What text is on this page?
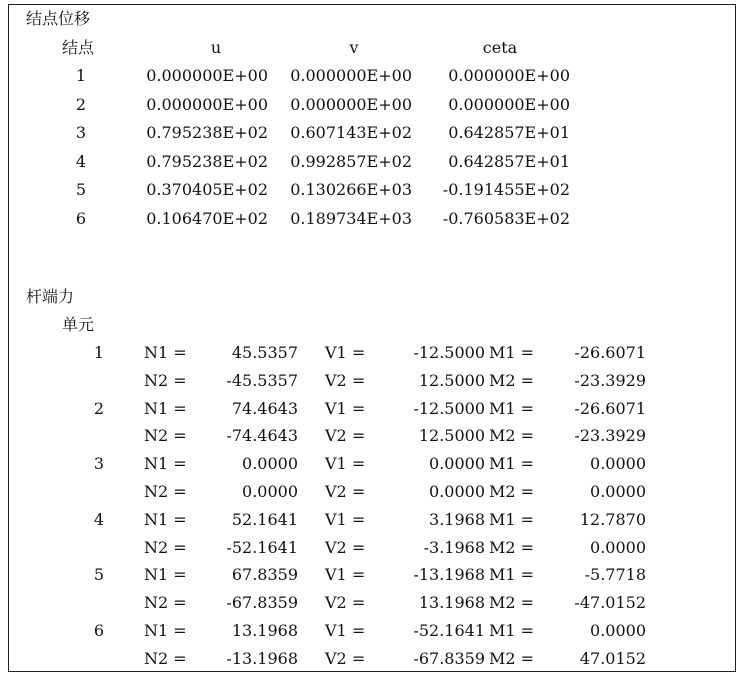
结点位移
结点	u	v	ceta
1	0.000000E+00 0.000000E+00 0.000000E+00
2	0.000000E+00 0.000000E+00 0.000000E+00
3	0.795238E+02 0.607143E+02 0.642857E+01
4	0.795238E+02 0.992857E+02 0.642857E+01
5	0.370405E+02 0.130266E+03 -0.191455E+02
6	0.106470E+02 0.189734E+03 -0.760583E+02
杆端力
单元
1	N1 =	45.5357 V1 =	-12.5000 M1 =	-26.6071
N2 = -45.5357 V2 =	12.5000 M2 =	-23.3929
2	N1 =	74.4643 V1 =	-12.5000 M1 =	-26.6071
N2 = -74.4643 V2 =	12.5000 M2 =	-23.3929
3	N1 =	0.0000 V1 =	0.0000 M1 =	0.0000
N2 =	0.0000 V2 =	0.0000 M2 =	0.0000
4	N1 =	52.1641 V1 =	3.1968 M1 =	12.7870
N2 = -52.1641 V2 =	-3.1968 M2 =	0.0000
5	N1 =	67.8359 V1 =	-13.1968 M1 =	-5.7718
N2 = -67.8359 V2 =	13.1968 M2 =	-47.0152
6	N1 =	13.1968 V1 =	-52.1641 M1 =	0.0000
N2 = -13.1968 V2 =	-67.8359 M2 =	47.0152
